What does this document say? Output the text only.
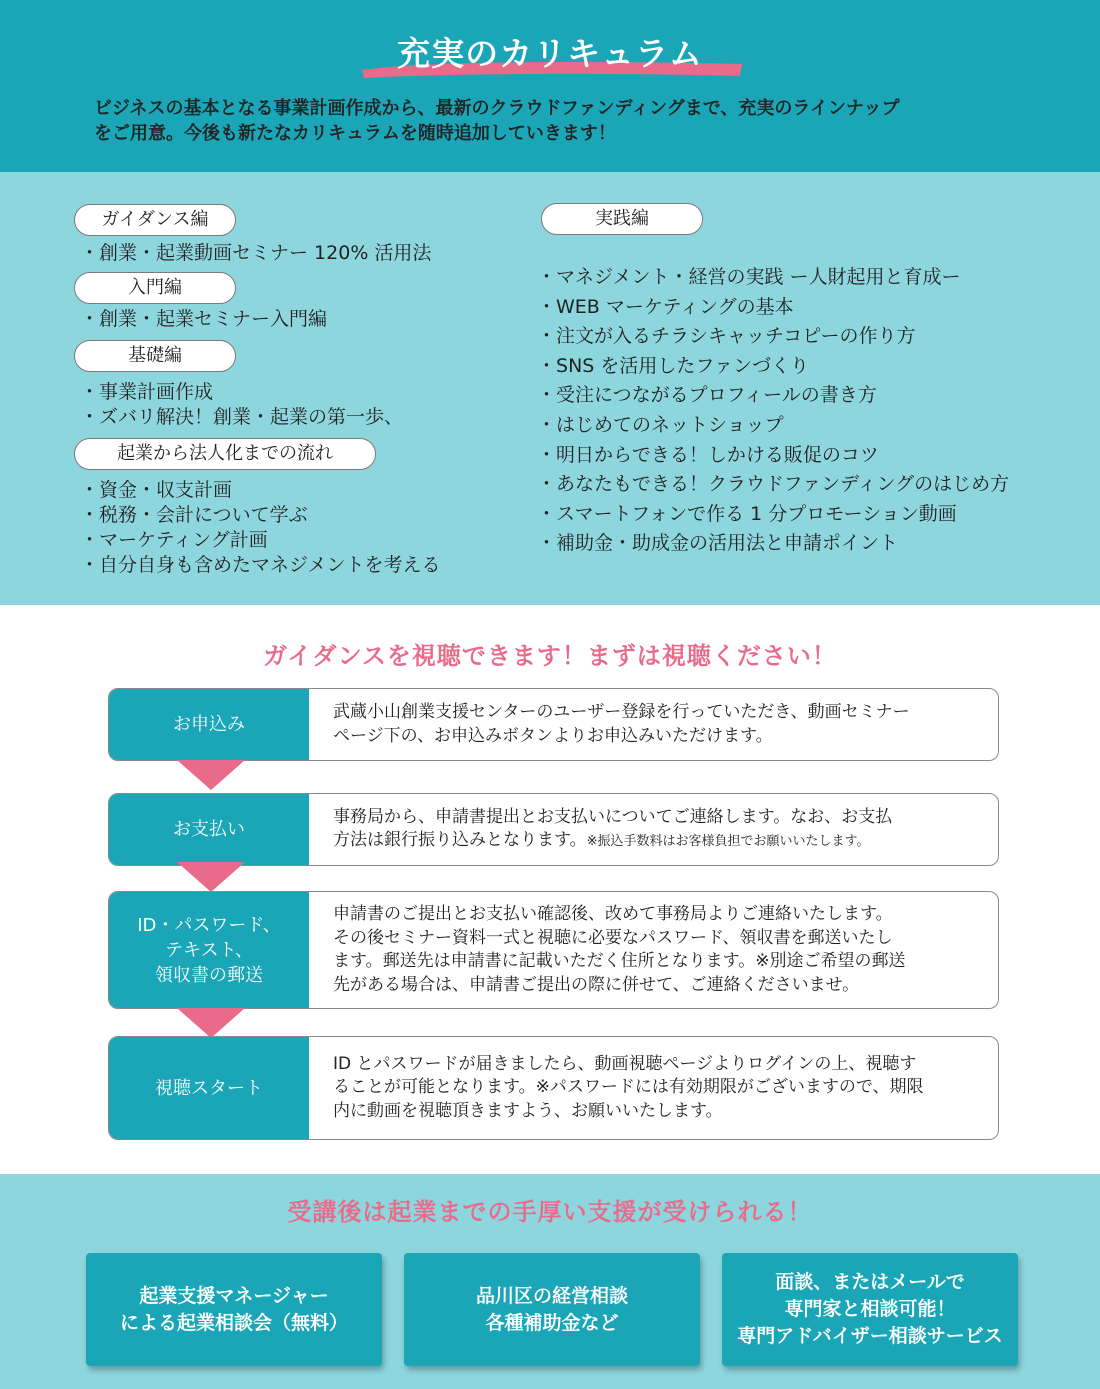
充実のカリキュラム
ビジネスの基本となる事業計画作成から、最新のクラウドファンディングまで、充実のラインナップ
をご用意。今後も新たなカリキュラムを随時追加していきます！
ガイダンス編
・ 創業・起業動画セミナー 120% 活用法
入門編
・ 創業・起業セミナー入門編
基礎編
・ 事業計画作成
・ ズバリ解決！創業・起業の第一歩、
起業から法人化までの流れ
・ 資金・収支計画
・ 税務・会計について学ぶ
・ マーケティング計画
・ 自分自身も含めたマネジメントを考える
実践編
・ マネジメント・経営の実践 ー人財起用と育成ー
・ WEB マーケティングの基本
・ 注文が入るチラシキャッチコピーの作り方
・ SNS を活用したファンづくり
・ 受注につながるプロフィールの書き方
・ はじめてのネットショップ
・ 明日からできる！しかける販促のコツ
・ あなたもできる！クラウドファンディングのはじめ方
・ スマートフォンで作る 1 分プロモーション動画
・ 補助金・助成金の活用法と申請ポイント
ガイダンスを視聴できます！まずは視聴ください！
お申込み
武蔵小山創業支援センターのユーザー登録を行っていただき、動画セミナー
ページ下の、お申込みボタンよりお申込みいただけます。
お支払い
事務局から、申請書提出とお支払いについてご連絡します。なお、お支払
方法は銀行振り込みとなります。※振込手数料はお客様負担でお願いいたします。
ID・パスワード、
テキスト、
領収書の郵送
申請書のご提出とお支払い確認後、改めて事務局よりご連絡いたします。
その後セミナー資料一式と視聴に必要なパスワード、領収書を郵送いたし
ます。郵送先は申請書に記載いただく住所となります。※別途ご希望の郵送
先がある場合は、申請書ご提出の際に併せて、ご連絡くださいませ。
視聴スタート
ID とパスワードが届きましたら、動画視聴ページよりログインの上、視聴す
ることが可能となります。※パスワードには有効期限がございますので、期限
内に動画を視聴頂きますよう、お願いいたします。
受講後は起業までの手厚い支援が受けられる！
起業支援マネージャー
による起業相談会（無料）
品川区の経営相談
各種補助金など
面談、またはメールで
専門家と相談可能！
専門アドバイザー相談サービス
